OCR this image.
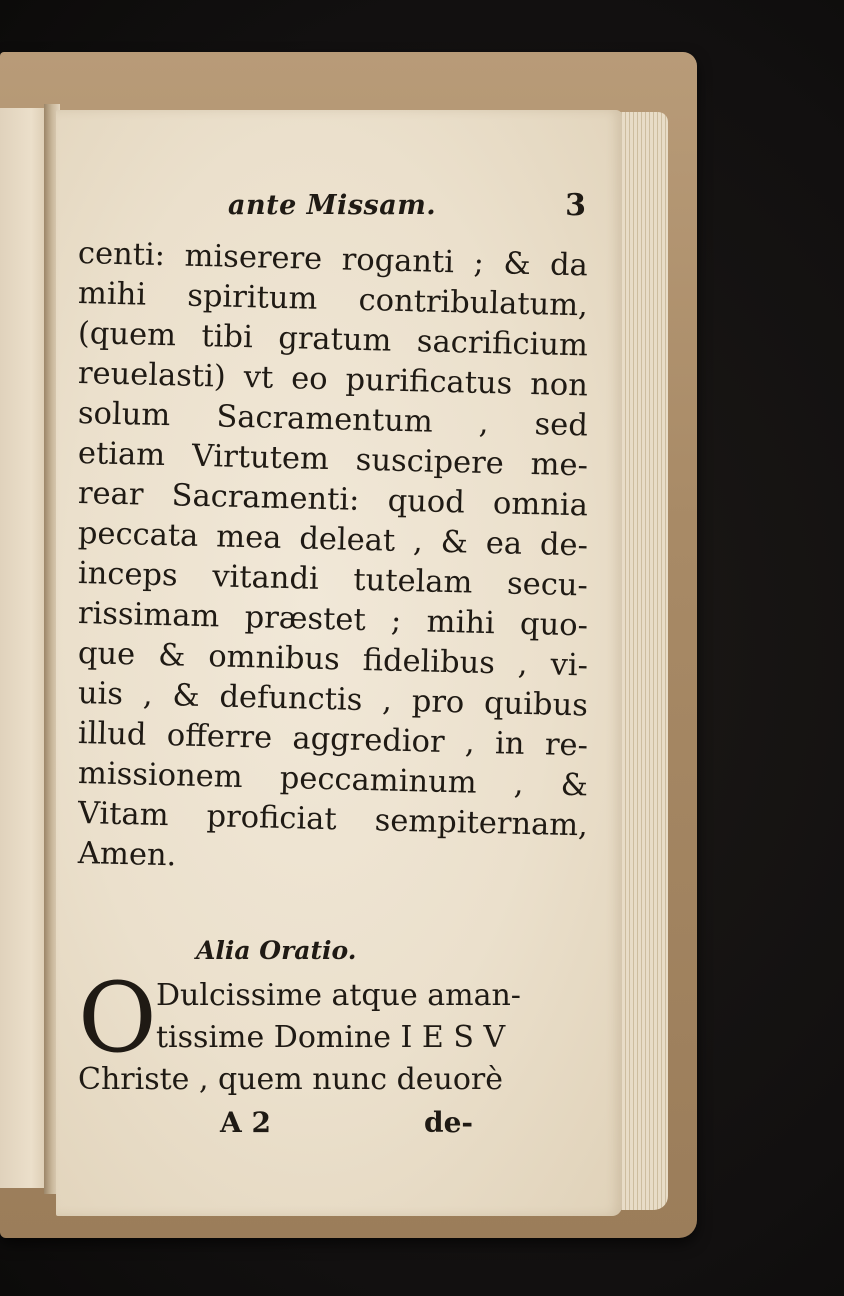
ante Missam.	3
centi: miserere roganti ; & da
mihi spiritum contribulatum,
(quem tibi gratum sacrificium
reuelasti) vt eo purificatus non
solum Sacramentum , sed
etiam Virtutem suscipere me-
rear Sacramenti: quod omnia
peccata mea deleat , & ea de-
inceps vitandi tutelam secu-
rissimam præstet ; mihi quo-
que & omnibus fidelibus , vi-
uis , & defunctis , pro quibus
illud offerre aggredior , in re-
missionem peccaminum , &
Vitam proficiat sempiternam,
Amen.
Alia Oratio.
O Dulcissime atque aman-
tissime Domine I E S V
Christe , quem nunc deuorè
A 2	de-
